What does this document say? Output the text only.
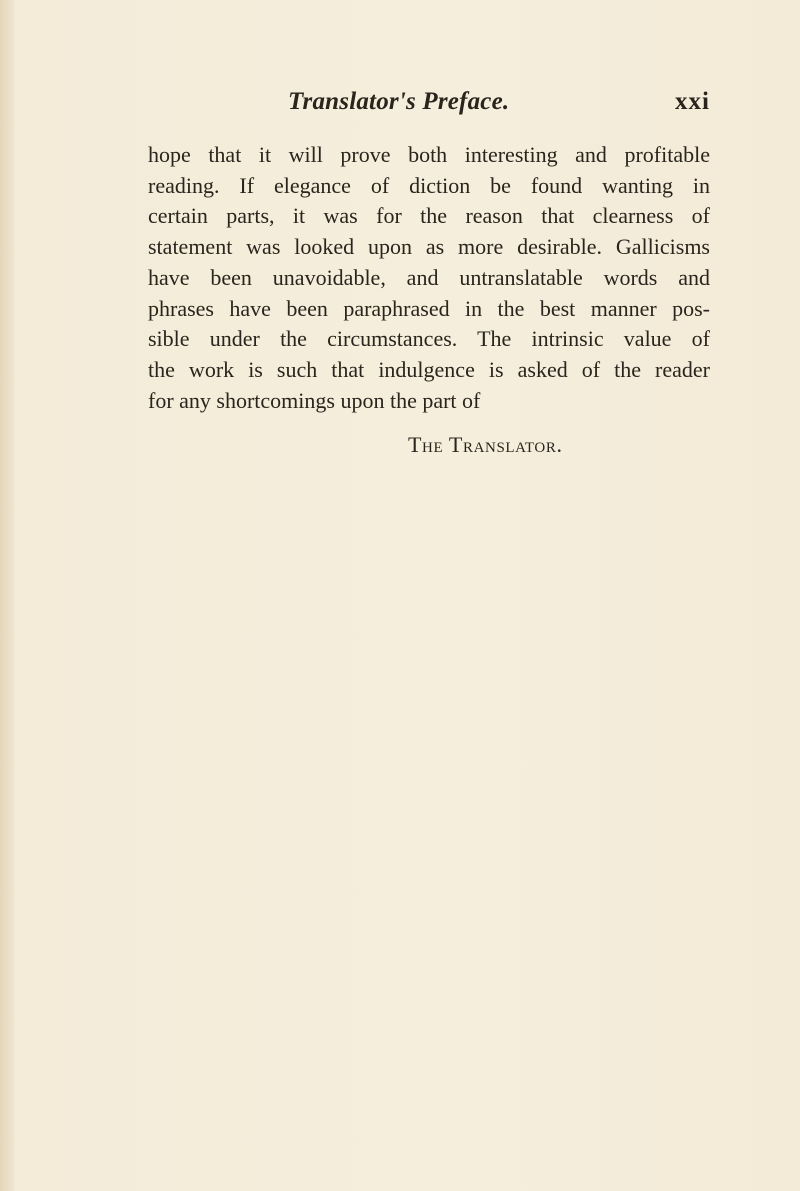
Translator's Preface.	xxi
hope that it will prove both interesting and profitable
reading. If elegance of diction be found wanting in
certain parts, it was for the reason that clearness of
statement was looked upon as more desirable. Gallicisms
have been unavoidable, and untranslatable words and
phrases have been paraphrased in the best manner pos-
sible under the circumstances. The intrinsic value of
the work is such that indulgence is asked of the reader
for any shortcomings upon the part of
The Translator.
